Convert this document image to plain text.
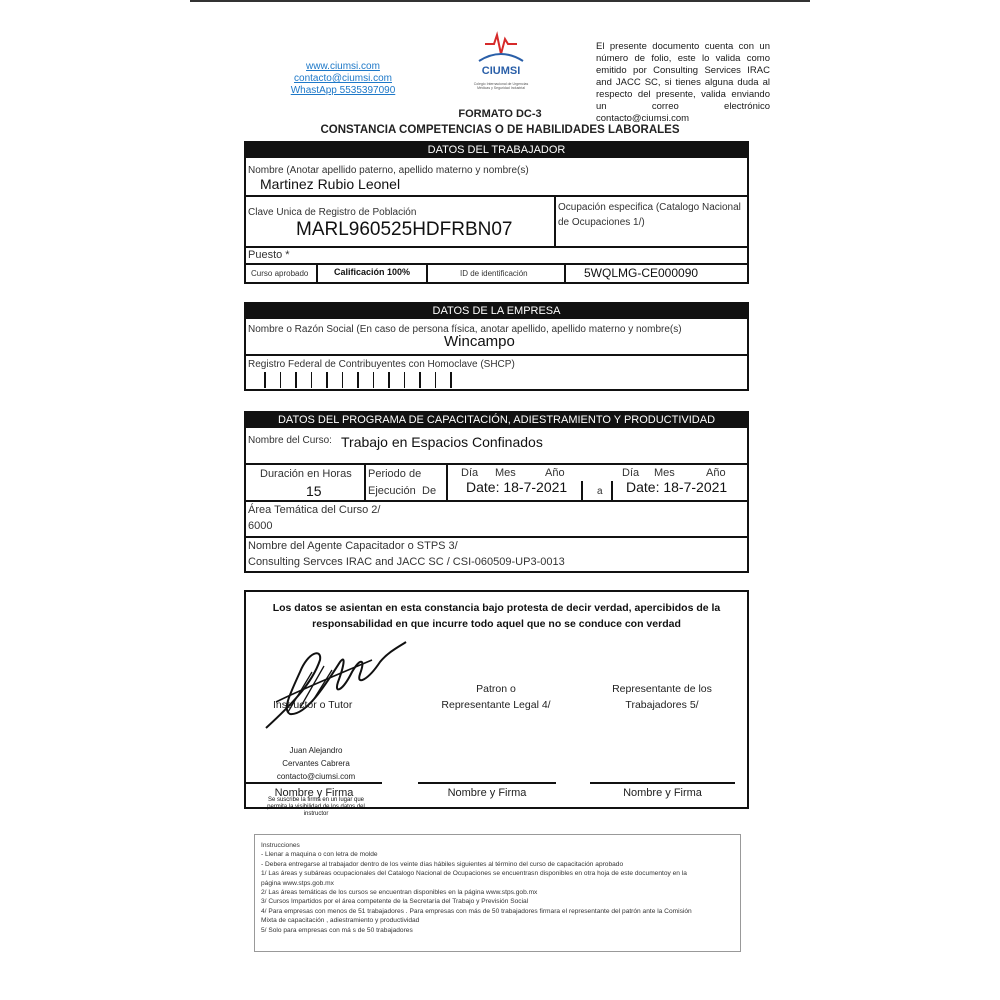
www.ciumsi.com
contacto@ciumsi.com
WhastApp 5535397090
CIUMSI
Colegio Internacional de Urgencias Médicas y Seguridad Industrial
El presente documento cuenta con un número de folio, este lo valida como emitido por Consulting Services IRAC and JACC SC, si tienes alguna duda al respecto del presente, valida enviando un correo electrónico contacto@ciumsi.com
FORMATO DC-3
CONSTANCIA COMPETENCIAS O DE HABILIDADES LABORALES
DATOS DEL TRABAJADOR
Nombre (Anotar apellido paterno, apellido materno y nombre(s)
Martinez Rubio Leonel
Clave Unica de Registro de Población
MARL960525HDFRBN07
Ocupación especifica (Catalogo Nacional de Ocupaciones 1/)
Puesto *
Curso aprobado	Calificación 100%	ID de identificación	5WQLMG-CE000090
DATOS DE LA EMPRESA
Nombre o Razón Social (En caso de persona física, anotar apellido, apellido materno y nombre(s)
Wincampo
Registro Federal de Contribuyentes con Homoclave (SHCP)
DATOS DEL PROGRAMA DE CAPACITACIÓN, ADIESTRAMIENTO Y PRODUCTIVIDAD
Nombre del Curso: Trabajo en Espacios Confinados
Duración en Horas
15
Periodo de
Ejecución De
Día Mes	Año
Date: 18-7-2021	a
Día Mes	Año
Date: 18-7-2021
Área Temática del Curso 2/
6000
Nombre del Agente Capacitador o STPS 3/
Consulting Servces IRAC and JACC SC / CSI-060509-UP3-0013
Los datos se asientan en esta constancia bajo protesta de decir verdad, apercibidos de la
responsabilidad en que incurre todo aquel que no se conduce con verdad
Instructor o Tutor
Patron o
Representante Legal 4/
Representante de los
Trabajadores 5/
Juan Alejandro
Cervantes Cabrera
contacto@ciumsi.com
Nombre y Firma	Nombre y Firma	Nombre y Firma
Se suscribe la firma en un lugar que permita la visibilidad de los datos del instructor
Instrucciones
- Llenar a maquina o con letra de molde
- Debera entregarse al trabajador dentro de los veinte días hábiles siguientes al término del curso de capacitación aprobado
1/ Las áreas y subáreas ocupacionales del Catalogo Nacional de Ocupaciones se encuentrasn disponibles en otra hoja de este documentoy en la
página www.stps.gob.mx
2/ Las áreas temáticas de los cursos se encuentran disponibles en la página www.stps.gob.mx
3/ Cursos Impartidos por el área competente de la Secretaría del Trabajo y Previsión Social
4/ Para empresas con menos de 51 trabajadores . Para empresas con más de 50 trabajadores firmara el representante del patrón ante la Comisión
Mixta de capacitación , adiestramiento y productividad
5/ Solo para empresas con má s de 50 trabajadores
